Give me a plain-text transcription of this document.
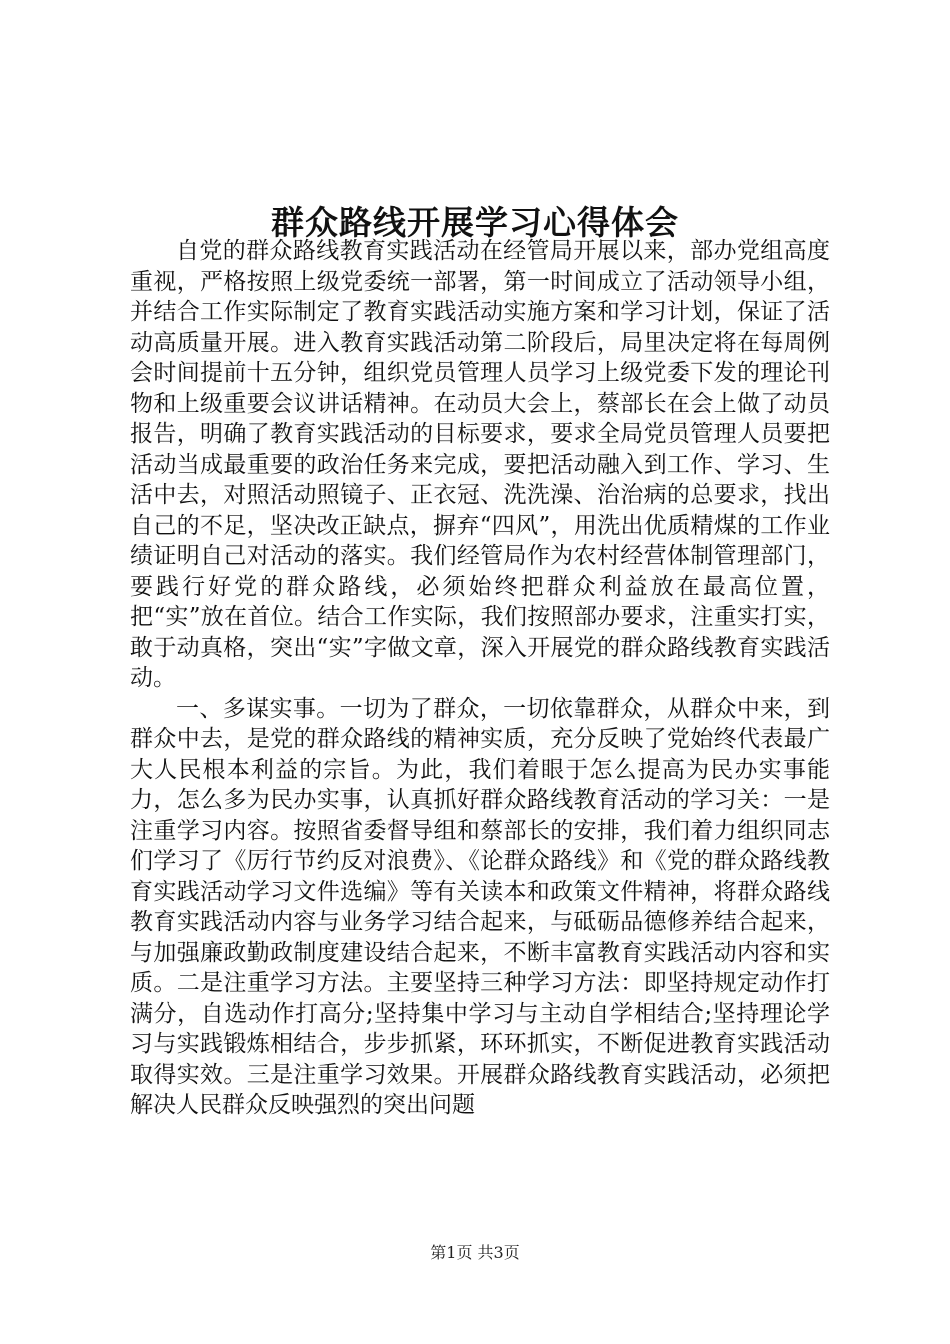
群众路线开展学习心得体会

自党的群众路线教育实践活动在经管局开展以来，部办党组高度重视，严格按照上级党委统一部署，第一时间成立了活动领导小组，并结合工作实际制定了教育实践活动实施方案和学习计划，保证了活动高质量开展。进入教育实践活动第二阶段后，局里决定将在每周例会时间提前十五分钟，组织党员管理人员学习上级党委下发的理论刊物和上级重要会议讲话精神。在动员大会上，蔡部长在会上做了动员报告，明确了教育实践活动的目标要求，要求全局党员管理人员要把活动当成最重要的政治任务来完成，要把活动融入到工作、学习、生活中去，对照活动照镜子、正衣冠、洗洗澡、治治病的总要求，找出自己的不足，坚决改正缺点，摒弃“四风”，用洗出优质精煤的工作业绩证明自己对活动的落实。我们经管局作为农村经营体制管理部门，要践行好党的群众路线，必须始终把群众利益放在最高位置，把“实”放在首位。结合工作实际，我们按照部办要求，注重实打实，敢于动真格，突出“实”字做文章，深入开展党的群众路线教育实践活动。

一、多谋实事。一切为了群众，一切依靠群众，从群众中来，到群众中去，是党的群众路线的精神实质，充分反映了党始终代表最广大人民根本利益的宗旨。为此，我们着眼于怎么提高为民办实事能力，怎么多为民办实事，认真抓好群众路线教育活动的学习关：一是注重学习内容。按照省委督导组和蔡部长的安排，我们着力组织同志们学习了《厉行节约反对浪费》、《论群众路线》和《党的群众路线教育实践活动学习文件选编》等有关读本和政策文件精神，将群众路线教育实践活动内容与业务学习结合起来，与砥砺品德修养结合起来，与加强廉政勤政制度建设结合起来，不断丰富教育实践活动内容和实质。二是注重学习方法。主要坚持三种学习方法：即坚持规定动作打满分，自选动作打高分;坚持集中学习与主动自学相结合;坚持理论学习与实践锻炼相结合，步步抓紧，环环抓实，不断促进教育实践活动取得实效。三是注重学习效果。开展群众路线教育实践活动，必须把解决人民群众反映强烈的突出问题

第1页 共3页
